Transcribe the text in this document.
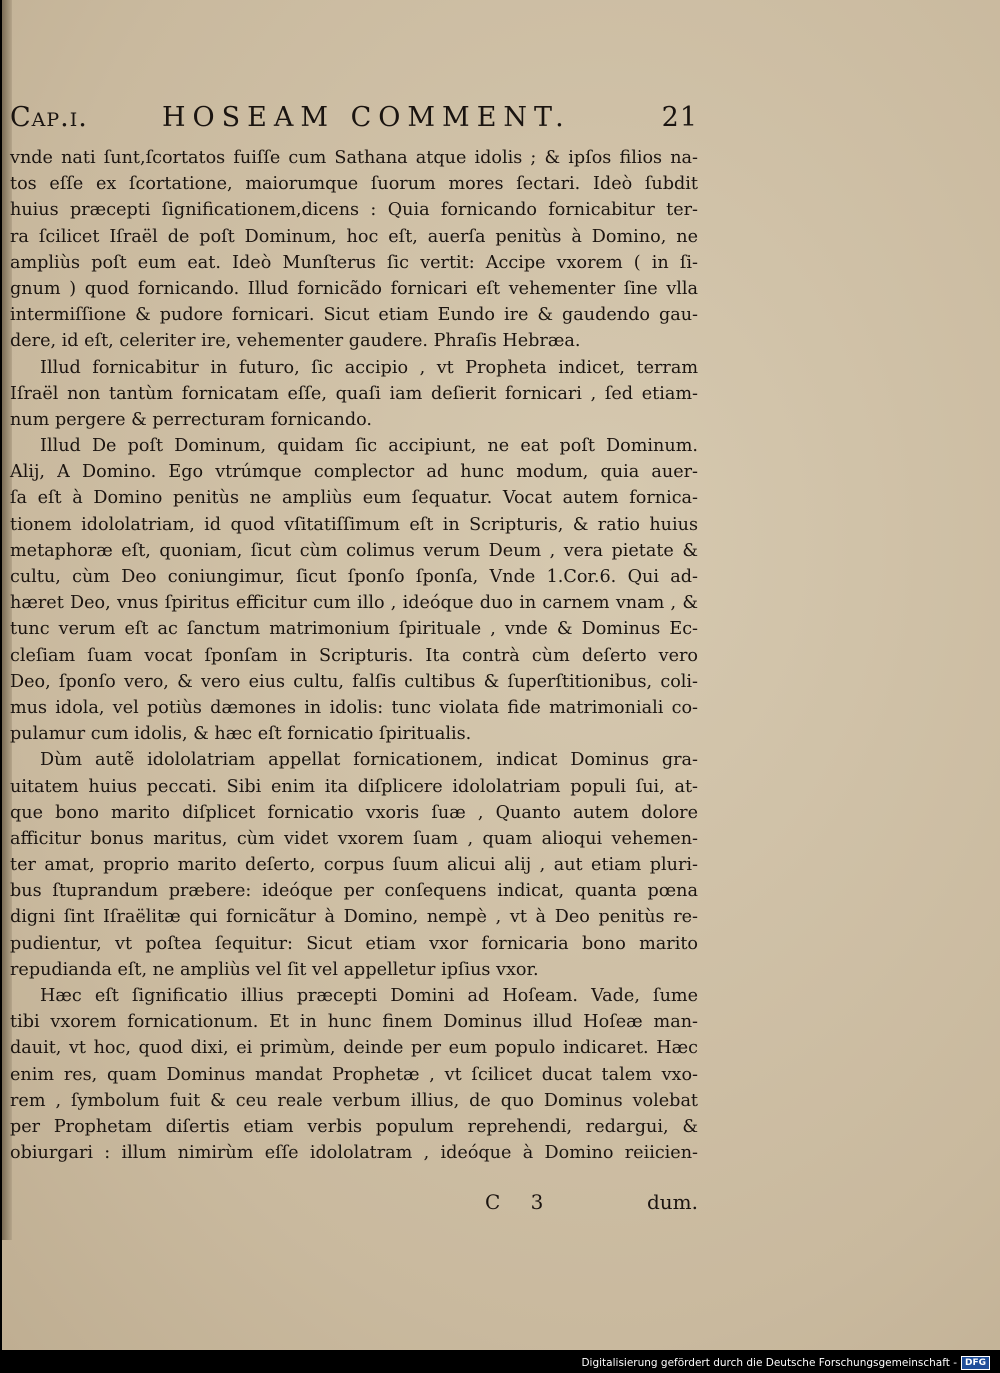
Cap.i.	HOSEAM COMMENT.	21
vnde nati ſunt,ſcortatos fuiſſe cum Sathana atque idolis ; & ipſos filios na-
tos eſſe ex ſcortatione, maiorumque ſuorum mores ſectari. Ideò ſubdit
huius præcepti ſignificationem,dicens : Quia fornicando fornicabitur ter-
ra ſcilicet Iſraël de poſt Dominum, hoc eſt, auerſa penitùs à Domino, ne
ampliùs poſt eum eat. Ideò Munſterus ſic vertit: Accipe vxorem ( in ſi-
gnum ) quod fornicando. Illud fornicãdo fornicari eſt vehementer ſine vlla
intermiſſione & pudore fornicari. Sicut etiam Eundo ire & gaudendo gau-
dere, id eſt, celeriter ire, vehementer gaudere. Phraſis Hebræa.
Illud fornicabitur in futuro, ſic accipio , vt Propheta indicet, terram
Iſraël non tantùm fornicatam eſſe, quaſi iam deſierit fornicari , ſed etiam-
num pergere & perrecturam fornicando.
Illud De poſt Dominum, quidam ſic accipiunt, ne eat poſt Dominum.
Alij, A Domino. Ego vtrúmque complector ad hunc modum, quia auer-
ſa eſt à Domino penitùs ne ampliùs eum ſequatur. Vocat autem fornica-
tionem idololatriam, id quod vſitatiſſimum eſt in Scripturis, & ratio huius
metaphoræ eſt, quoniam, ſicut cùm colimus verum Deum , vera pietate &
cultu, cùm Deo coniungimur, ſicut ſponſo ſponſa, Vnde 1.Cor.6. Qui ad-
hæret Deo, vnus ſpiritus efficitur cum illo , ideóque duo in carnem vnam , &
tunc verum eſt ac ſanctum matrimonium ſpirituale , vnde & Dominus Ec-
cleſiam ſuam vocat ſponſam in Scripturis. Ita contrà cùm deſerto vero
Deo, ſponſo vero, & vero eius cultu, falſis cultibus & ſuperſtitionibus, coli-
mus idola, vel potiùs dæmones in idolis: tunc violata fide matrimoniali co-
pulamur cum idolis, & hæc eſt fornicatio ſpiritualis.
Dùm autẽ idololatriam appellat fornicationem, indicat Dominus gra-
uitatem huius peccati. Sibi enim ita diſplicere idololatriam populi ſui, at-
que bono marito diſplicet fornicatio vxoris ſuæ , Quanto autem dolore
afficitur bonus maritus, cùm videt vxorem ſuam , quam alioqui vehemen-
ter amat, proprio marito deſerto, corpus ſuum alicui alij , aut etiam pluri-
bus ſtuprandum præbere: ideóque per conſequens indicat, quanta pœna
digni ſint Iſraëlitæ qui fornicãtur à Domino, nempè , vt à Deo penitùs re-
pudientur, vt poſtea ſequitur: Sicut etiam vxor fornicaria bono marito
repudianda eſt, ne ampliùs vel ſit vel appelletur ipſius vxor.
Hæc eſt ſignificatio illius præcepti Domini ad Hoſeam. Vade, ſume
tibi vxorem fornicationum. Et in hunc finem Dominus illud Hoſeæ man-
dauit, vt hoc, quod dixi, ei primùm, deinde per eum populo indicaret. Hæc
enim res, quam Dominus mandat Prophetæ , vt ſcilicet ducat talem vxo-
rem , ſymbolum fuit & ceu reale verbum illius, de quo Dominus volebat
per Prophetam diſertis etiam verbis populum reprehendi, redargui, &
obiurgari : illum nimirùm eſſe idololatram , ideóque à Domino reiicien-
C 3	dum.
Digitalisierung gefördert durch die Deutsche Forschungsgemeinschaft - DFG
